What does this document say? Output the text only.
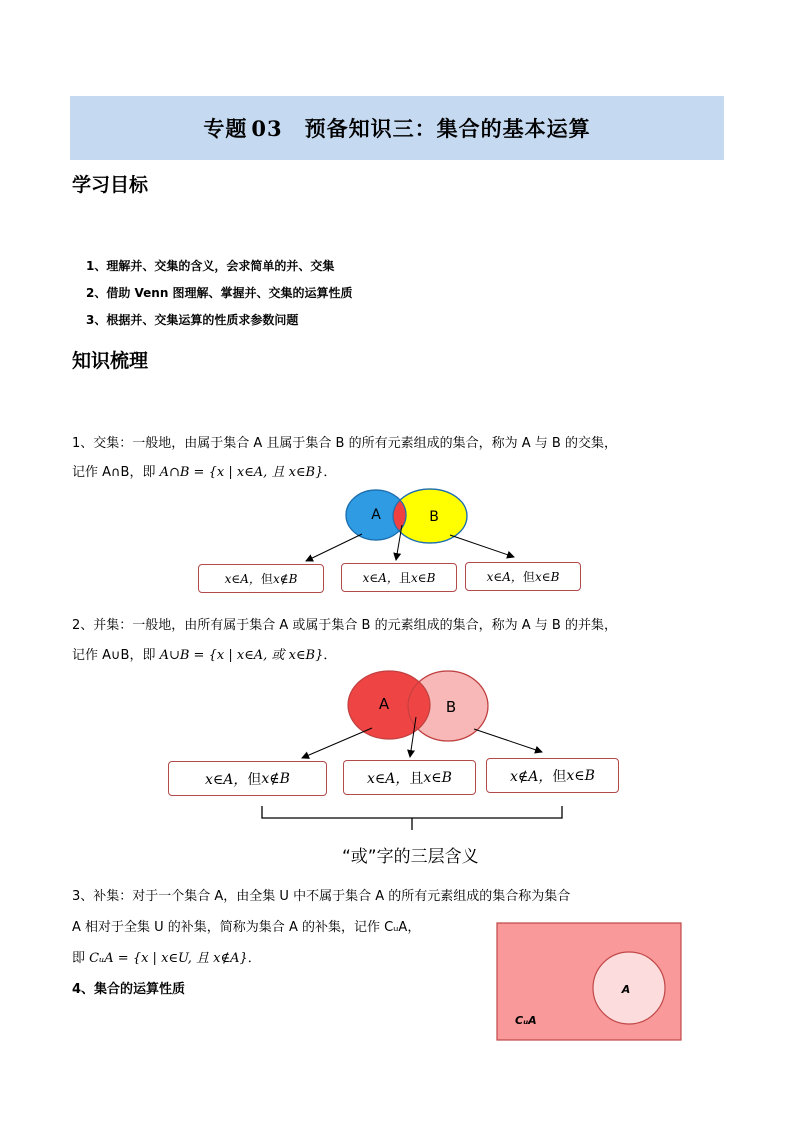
专题 03 预备知识三：集合的基本运算
学习目标
1、理解并、交集的含义，会求简单的并、交集
2、借助 Venn 图理解、掌握并、交集的运算性质
3、根据并、交集运算的性质求参数问题
知识梳理
1、交集：一般地，由属于集合 A 且属于集合 B 的所有元素组成的集合，称为 A 与 B 的交集，
记作 A∩B，即 A∩B = {x | x∈A, 且 x∈B}．
A	B
A	B
A
CᵤA
x∈A， 但 x∉B	x∈A， 且 x∈B	x∈A， 但 x∈B
2、并集：一般地，由所有属于集合 A 或属于集合 B 的元素组成的集合，称为 A 与 B 的并集，
记作 A∪B，即 A∪B = {x | x∈A, 或 x∈B}．
x∈A， 但 x∉B	x∈A， 且 x∈B	x∉A， 但 x∈B
“或”字的三层含义
3、补集：对于一个集合 A，由全集 U 中不属于集合 A 的所有元素组成的集合称为集合
A 相对于全集 U 的补集，简称为集合 A 的补集，记作 CᵤA，
即 CᵤA = {x | x∈U, 且 x∉A}．
4、集合的运算性质
